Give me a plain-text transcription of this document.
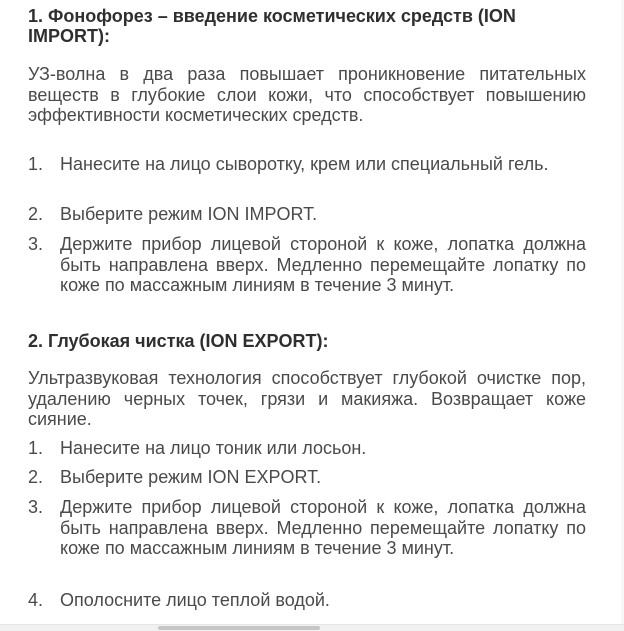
1. Фонофорез – введение косметических средств (ION IMPORT):

УЗ-волна в два раза повышает проникновение питательных веществ в глубокие слои кожи, что способствует повышению эффективности косметических средств.

1. Нанесите на лицо сыворотку, крем или специальный гель.
2. Выберите режим ION IMPORT.
3. Держите прибор лицевой стороной к коже, лопатка должна быть направлена вверх. Медленно перемещайте лопатку по коже по массажным линиям в течение 3 минут.
2. Глубокая чистка (ION EXPORT):

Ультразвуковая технология способствует глубокой очистке пор, удалению черных точек, грязи и макияжа. Возвращает коже сияние.

1. Нанесите на лицо тоник или лосьон.
2. Выберите режим ION EXPORT.
3. Держите прибор лицевой стороной к коже, лопатка должна быть направлена вверх. Медленно перемещайте лопатку по коже по массажным линиям в течение 3 минут.
4. Ополосните лицо теплой водой.
